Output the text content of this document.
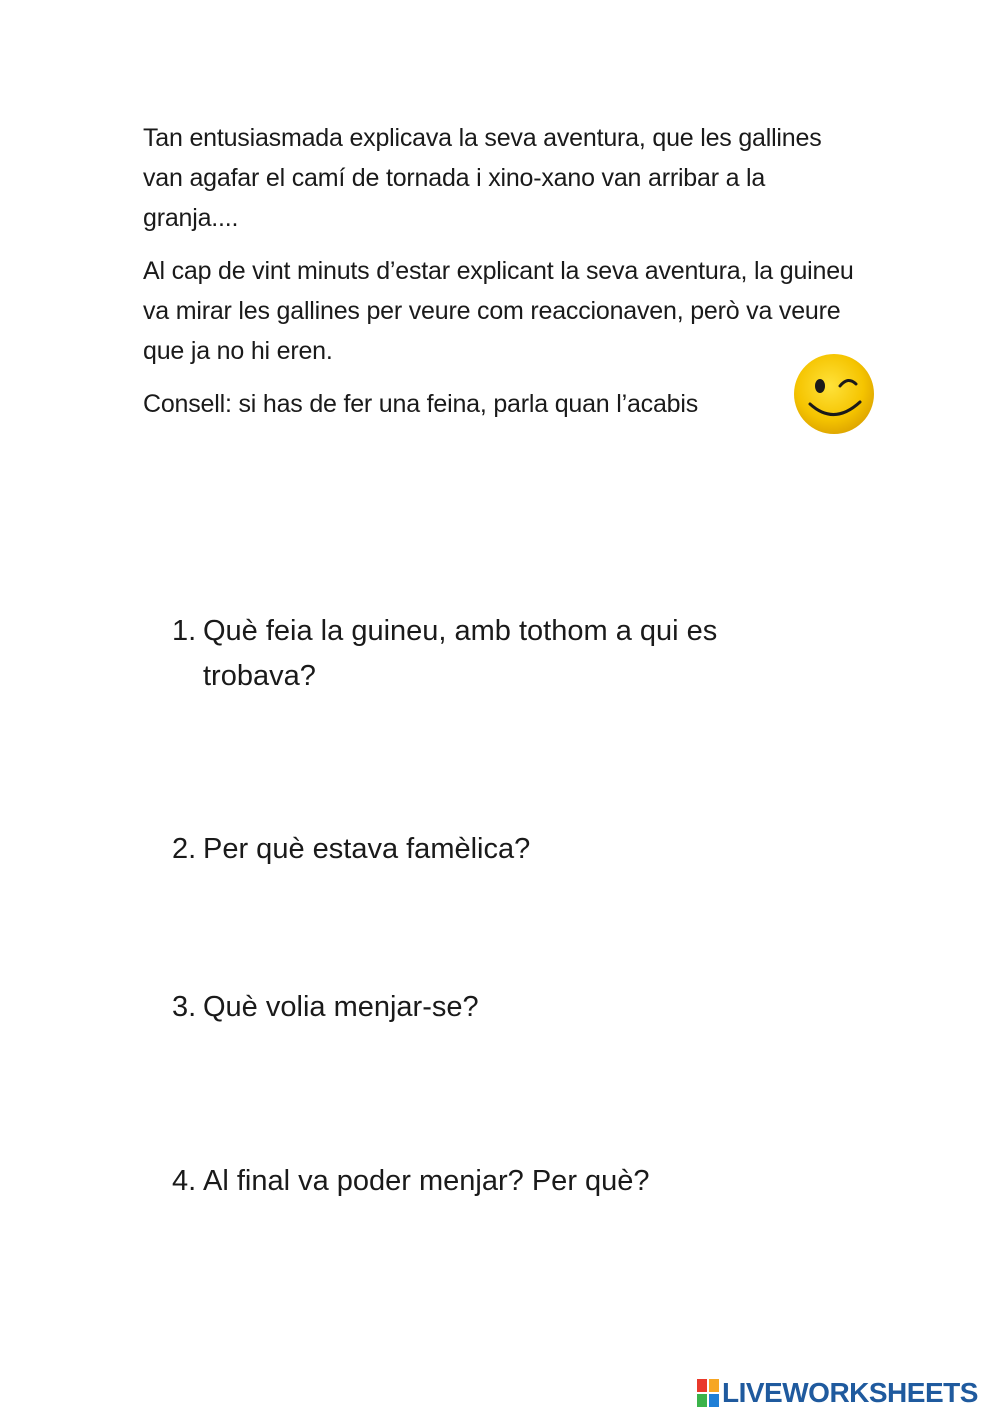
Tan entusiasmada explicava la seva aventura, que les gallines van agafar el camí de tornada i xino-xano van arribar a la granja....

Al cap de vint minuts d’estar explicant la seva aventura, la guineu va mirar les gallines per veure com reaccionaven, però va veure que ja no hi eren.

Consell: si has de fer una feina, parla quan l’acabis

1. Què feia la guineu, amb tothom a qui es trobava?
2. Per què estava famèlica?
3. Què volia menjar-se?
4. Al final va poder menjar? Per què?
LIVEWORKSHEETS
